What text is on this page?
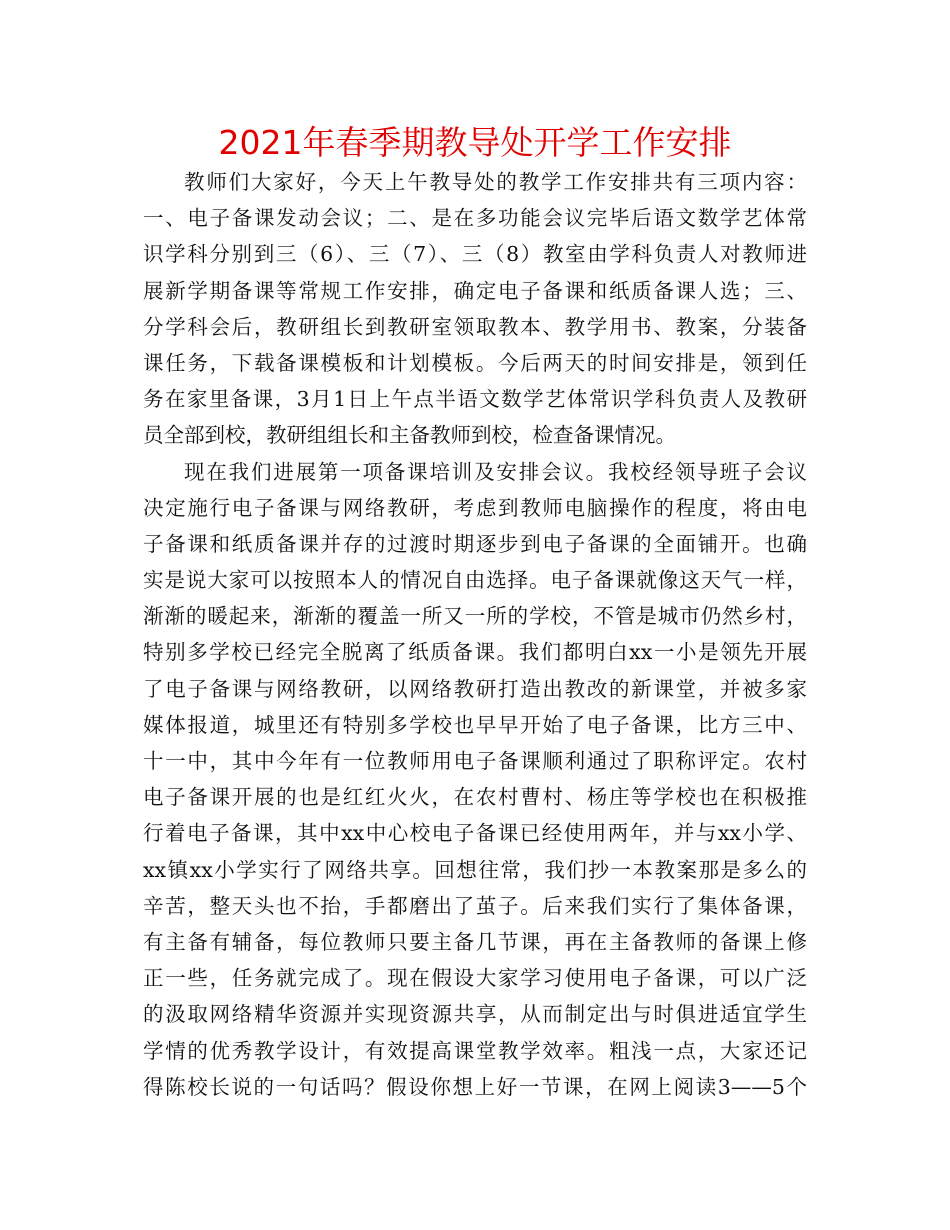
2021年春季期教导处开学工作安排
教师们大家好，今天上午教导处的教学工作安排共有三项内容：
一、电子备课发动会议；二、是在多功能会议完毕后语文数学艺体常
识学科分别到三（6）、三（7）、三（8）教室由学科负责人对教师进
展新学期备课等常规工作安排，确定电子备课和纸质备课人选；三、
分学科会后，教研组长到教研室领取教本、教学用书、教案，分装备
课任务，下载备课模板和计划模板。今后两天的时间安排是，领到任
务在家里备课，3月1日上午点半语文数学艺体常识学科负责人及教研
员全部到校，教研组组长和主备教师到校，检查备课情况。
现在我们进展第一项备课培训及安排会议。我校经领导班子会议
决定施行电子备课与网络教研，考虑到教师电脑操作的程度，将由电
子备课和纸质备课并存的过渡时期逐步到电子备课的全面铺开。也确
实是说大家可以按照本人的情况自由选择。电子备课就像这天气一样，
渐渐的暖起来，渐渐的覆盖一所又一所的学校，不管是城市仍然乡村，
特别多学校已经完全脱离了纸质备课。我们都明白xx一小是领先开展
了电子备课与网络教研，以网络教研打造出教改的新课堂，并被多家
媒体报道，城里还有特别多学校也早早开始了电子备课，比方三中、
十一中，其中今年有一位教师用电子备课顺利通过了职称评定。农村
电子备课开展的也是红红火火，在农村曹村、杨庄等学校也在积极推
行着电子备课，其中xx中心校电子备课已经使用两年，并与xx小学、
xx镇xx小学实行了网络共享。回想往常，我们抄一本教案那是多么的
辛苦，整天头也不抬，手都磨出了茧子。后来我们实行了集体备课，
有主备有辅备，每位教师只要主备几节课，再在主备教师的备课上修
正一些，任务就完成了。现在假设大家学习使用电子备课，可以广泛
的汲取网络精华资源并实现资源共享，从而制定出与时俱进适宜学生
学情的优秀教学设计，有效提高课堂教学效率。粗浅一点，大家还记
得陈校长说的一句话吗？假设你想上好一节课，在网上阅读3——5个
